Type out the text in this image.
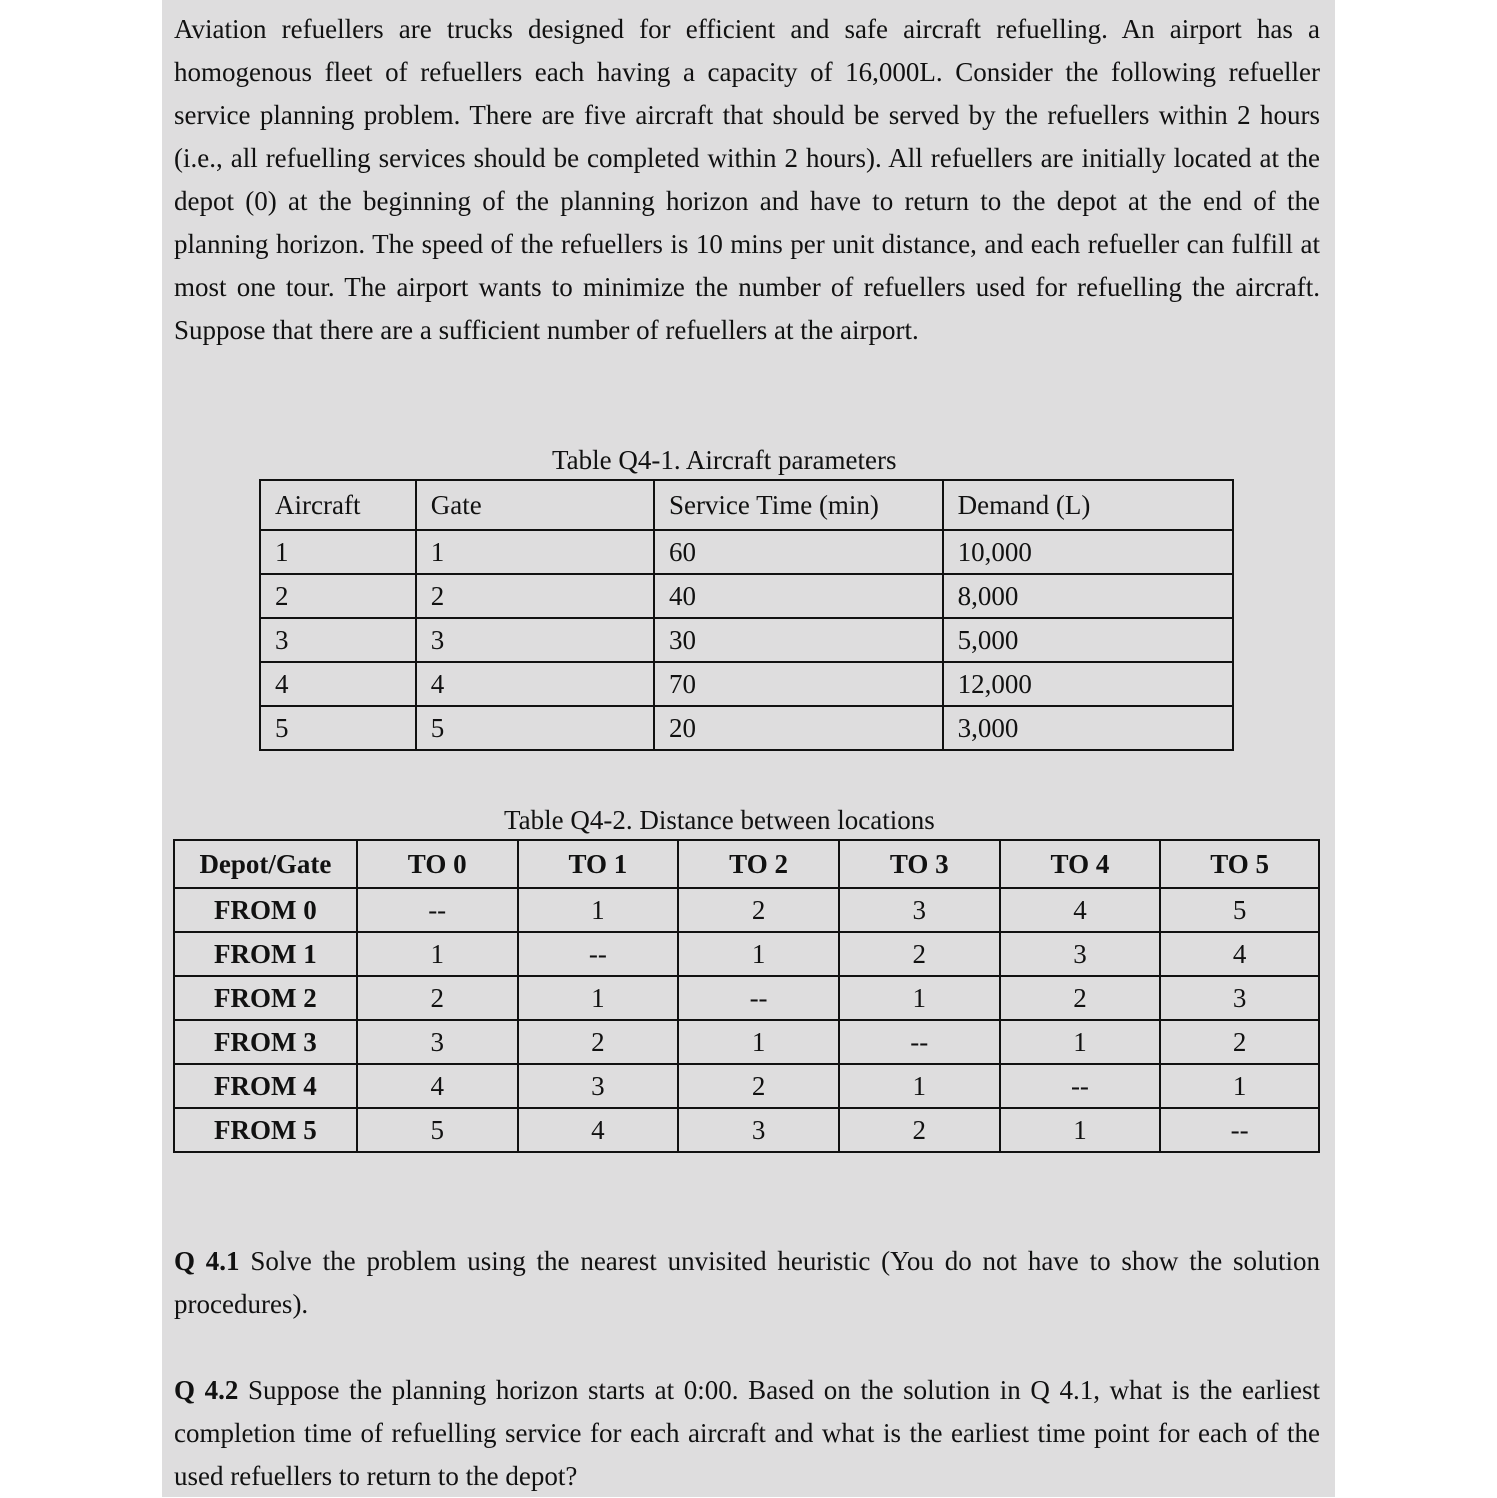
Aviation refuellers are trucks designed for efficient and safe aircraft refuelling. An airport has a homogenous fleet of refuellers each having a capacity of 16,000L. Consider the following refueller service planning problem. There are five aircraft that should be served by the refuellers within 2 hours (i.e., all refuelling services should be completed within 2 hours). All refuellers are initially located at the depot (0) at the beginning of the planning horizon and have to return to the depot at the end of the planning horizon. The speed of the refuellers is 10 mins per unit distance, and each refueller can fulfill at most one tour. The airport wants to minimize the number of refuellers used for refuelling the aircraft. Suppose that there are a sufficient number of refuellers at the airport.

Table Q4-1. Aircraft parameters
Aircraft	Gate	Service Time (min)	Demand (L)
1	1	60	10,000
2	2	40	8,000
3	3	30	5,000
4	4	70	12,000
5	5	20	3,000
Table Q4-2. Distance between locations
Depot/Gate	TO 0	TO 1	TO 2	TO 3	TO 4	TO 5
FROM 0	--	1	2	3	4	5
FROM 1	1	--	1	2	3	4
FROM 2	2	1	--	1	2	3
FROM 3	3	2	1	--	1	2
FROM 4	4	3	2	1	--	1
FROM 5	5	4	3	2	1	--

Q 4.1 Solve the problem using the nearest unvisited heuristic (You do not have to show the solution procedures).

Q 4.2 Suppose the planning horizon starts at 0:00. Based on the solution in Q 4.1, what is the earliest completion time of refuelling service for each aircraft and what is the earliest time point for each of the used refuellers to return to the depot?
